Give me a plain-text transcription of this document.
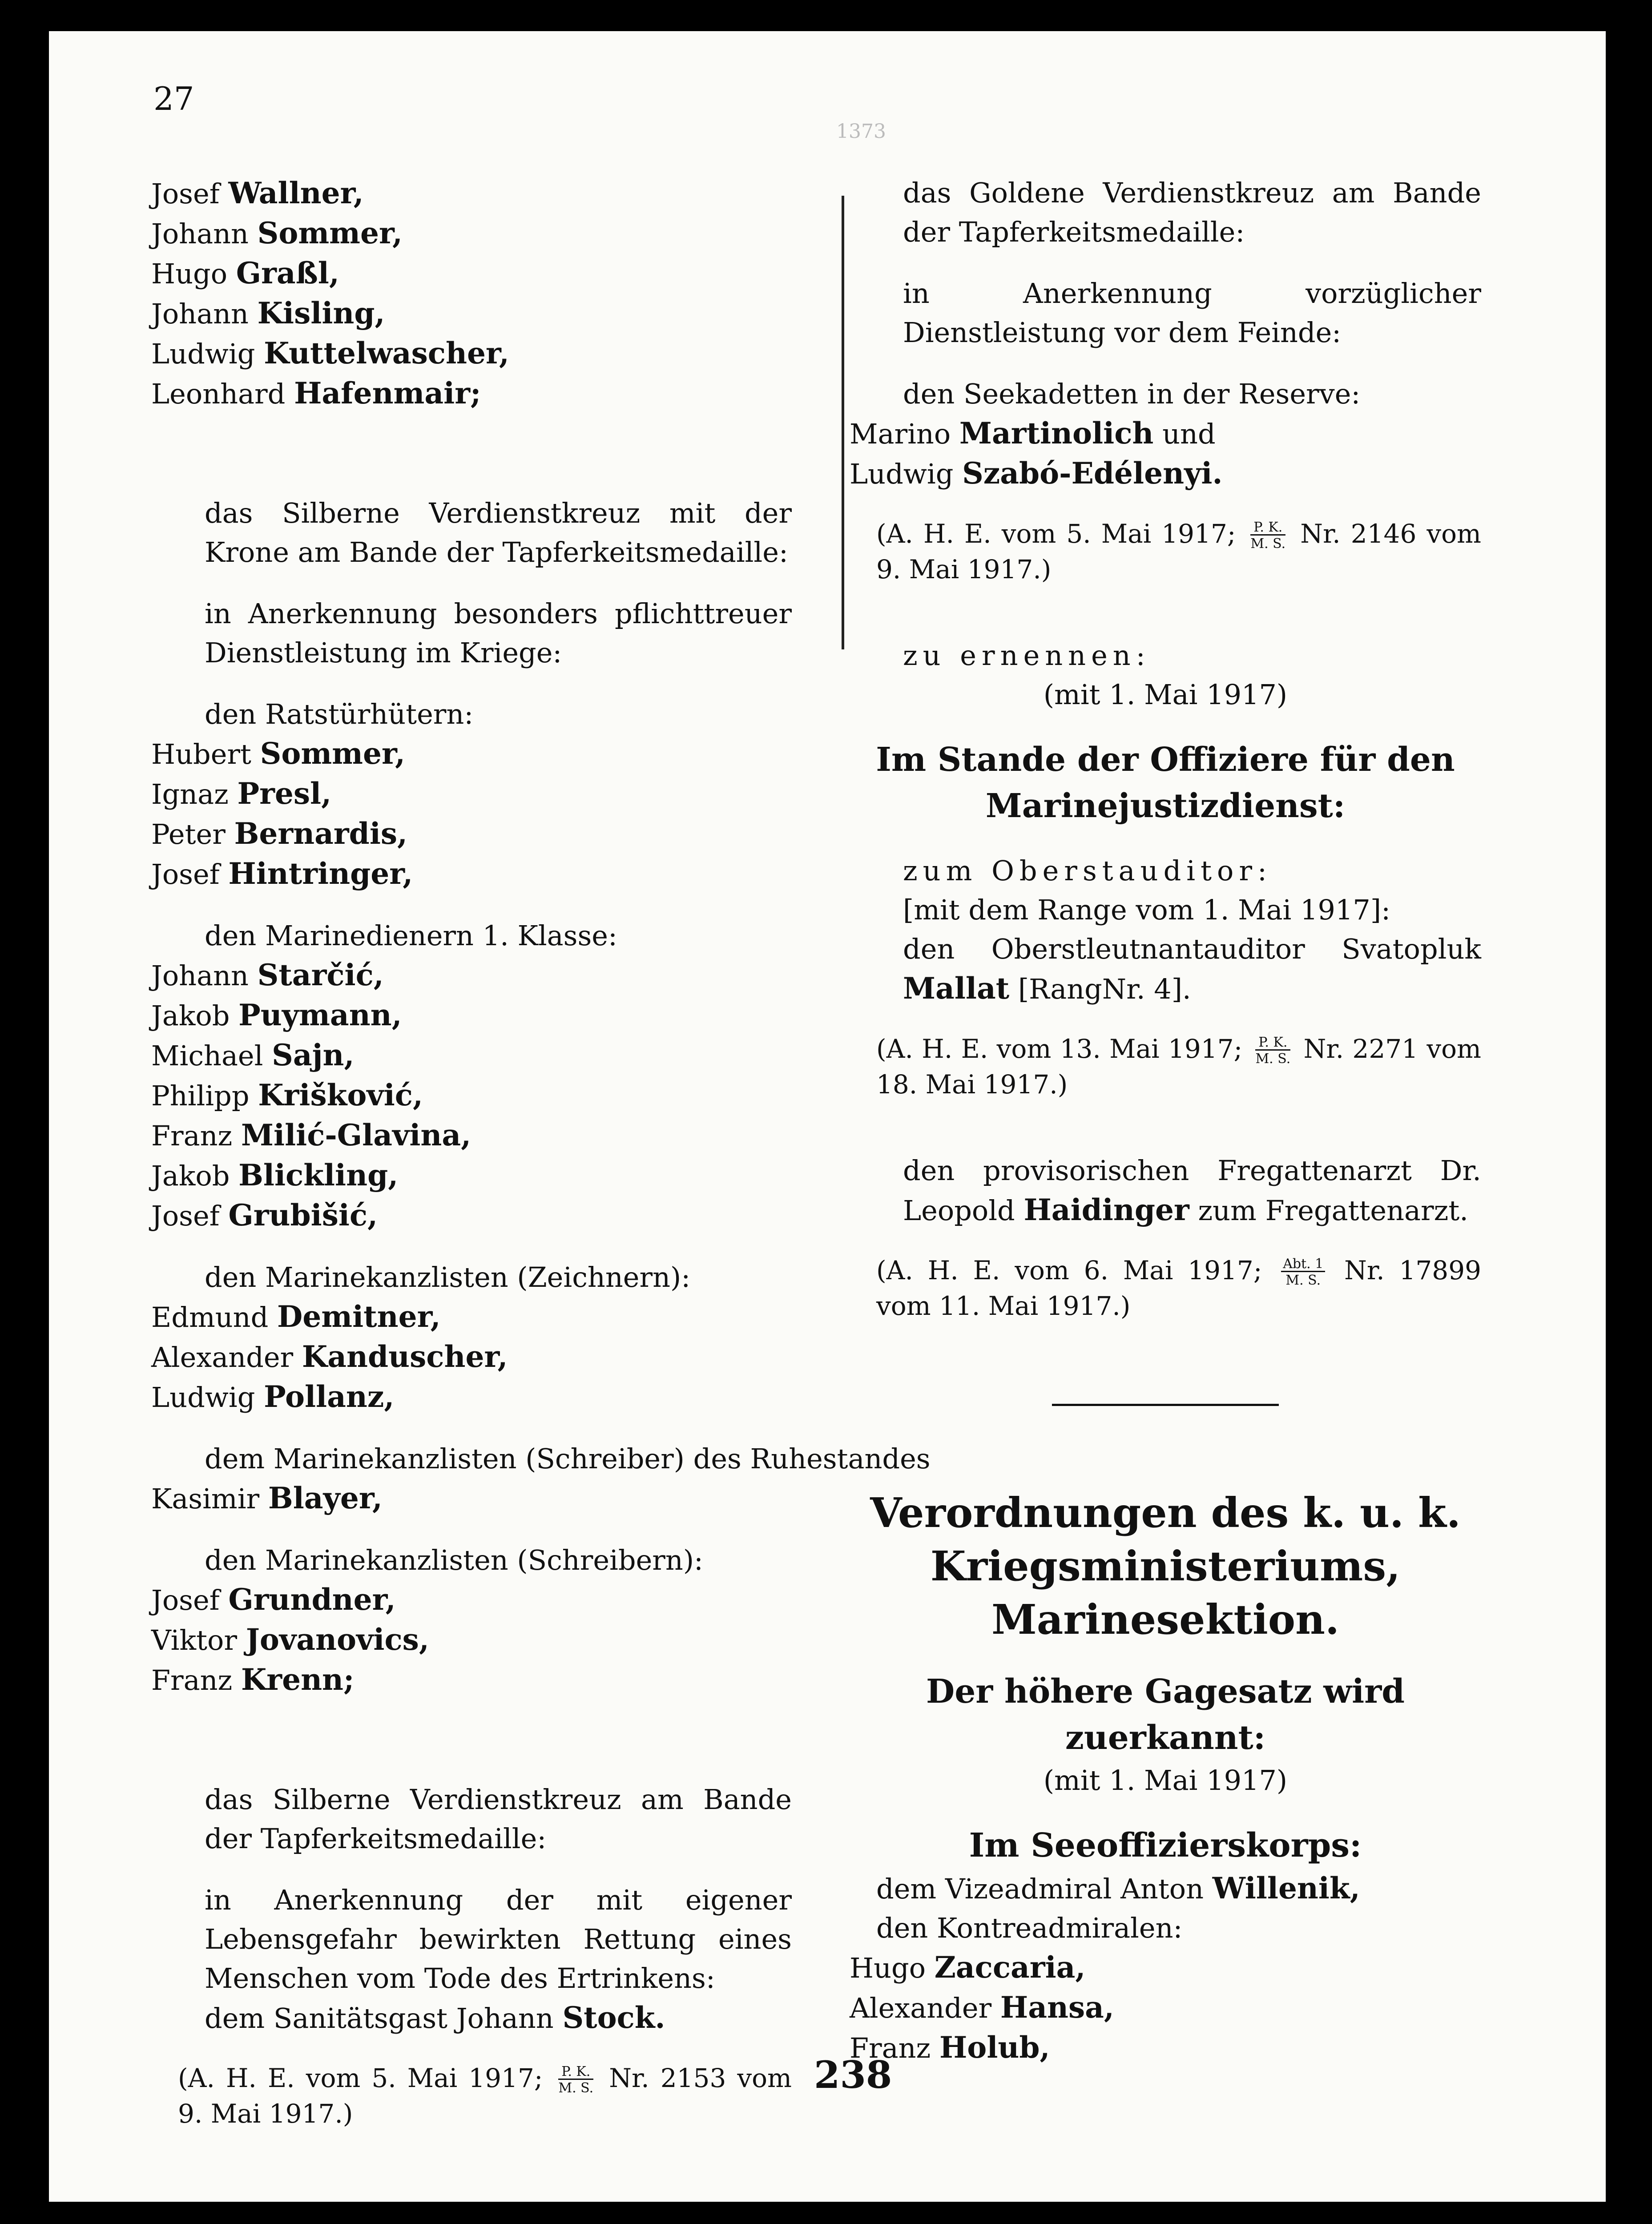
27
1373
Josef Wallner,
Johann Sommer,
Hugo Graßl,
Johann Kisling,
Ludwig Kuttelwascher,
Leonhard Hafenmair;
das Silberne Verdienstkreuz mit der Krone am Bande der Tapferkeitsmedaille:
in Anerkennung besonders pflichttreuer Dienstleistung im Kriege:
den Ratstürhütern:
Hubert Sommer,
Ignaz Presl,
Peter Bernardis,
Josef Hintringer,
den Marinedienern 1. Klasse:
Johann Starčić,
Jakob Puymann,
Michael Sajn,
Philipp Krišković,
Franz Milić-Glavina,
Jakob Blickling,
Josef Grubišić,
den Marinekanzlisten (Zeichnern):
Edmund Demitner,
Alexander Kanduscher,
Ludwig Pollanz,
dem Marinekanzlisten (Schreiber) des Ruhestandes
Kasimir Blayer,
den Marinekanzlisten (Schreibern):
Josef Grundner,
Viktor Jovanovics,
Franz Krenn;
das Silberne Verdienstkreuz am Bande der Tapferkeitsmedaille:
in Anerkennung der mit eigener Lebensgefahr bewirkten Rettung eines Menschen vom Tode des Ertrinkens:
dem Sanitätsgast Johann Stock.
(A. H. E. vom 5. Mai 1917; $\frac{P. K.}{M. S.} Nr$. 2153 vom 9. Mai 1917.)
das Goldene Verdienstkreuz am Bande der Tapferkeitsmedaille:
in Anerkennung vorzüglicher Dienstleistung vor dem Feinde:
den Seekadetten in der Reserve:
Marino Martinolich und
Ludwig Szabó-Edélenyi.
(A. H. E. vom 5. Mai 1917; $\frac{P. K.}{M. S.} Nr$. 2146 vom 9. Mai 1917.)
zu ernennen:
(mit 1. Mai 1917)
Im Stande der Offiziere für den Marinejustizdienst:
zum Oberstauditor:
[mit dem Range vom 1. Mai 1917]:
den Oberstleutnantauditor Svatopluk Mallat [RangNr. 4].
(A. H. E. vom 13. Mai 1917; $\frac{P. K.}{M. S.} Nr$. 2271 vom 18. Mai 1917.)
den provisorischen Fregattenarzt Dr. Leopold Haidinger zum Fregattenarzt.
(A. H. E. vom 6. Mai 1917; $\frac{\text{Abt. 1}}{M. S.} Nr$. 17899 vom 11. Mai 1917.)
Verordnungen des k. u. k. Kriegsministeriums, Marinesektion.
Der höhere Gagesatz wird zuerkannt:
(mit 1. Mai 1917)
Im Seeoffizierskorps:
dem Vizeadmiral Anton Willenik,
den Kontreadmiralen:
Hugo Zaccaria,
Alexander Hansa,
Franz Holub,
238
